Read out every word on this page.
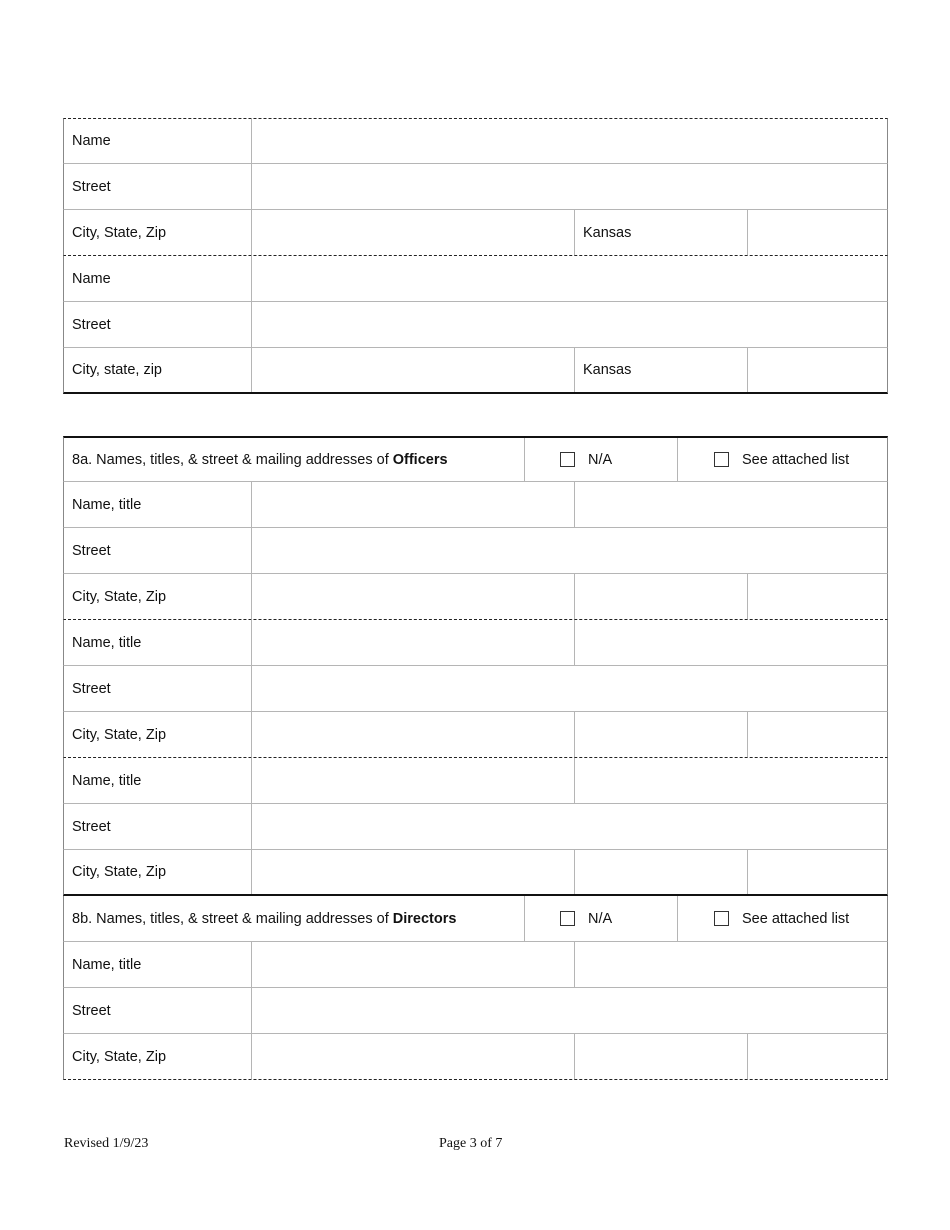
Name
Street
City, State, Zip	Kansas
Name
Street
City, state, zip	Kansas
8a. Names, titles, & street & mailing addresses of Officers	N/A	See attached list
Name, title
Street
City, State, Zip
Name, title
Street
City, State, Zip
Name, title
Street
City, State, Zip
8b. Names, titles, & street & mailing addresses of Directors	N/A	See attached list
Name, title
Street
City, State, Zip
Revised 1/9/23	Page 3 of 7
